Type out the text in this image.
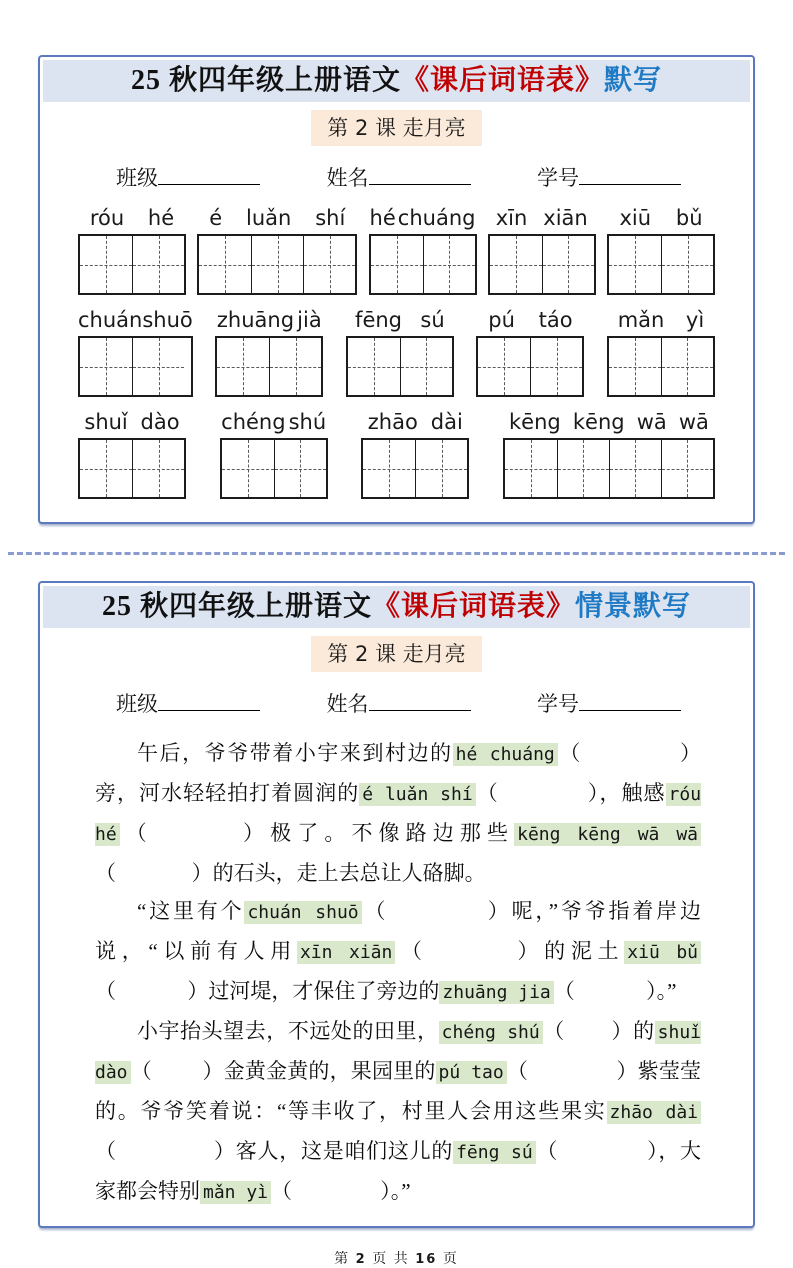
25 秋四年级上册语文《课后词语表》默写
第 2 课 走月亮
班级	姓名	学号
róu hé é luǎn shí hé chuáng xīn xiān xiū bǔ
chuán shuō zhuāng jià fēng sú pú táo mǎn yì
shuǐ dào chéng shú zhāo dài kēng kēng wā wā
25 秋四年级上册语文《课后词语表》情景默写
第 2 课 走月亮
班级	姓名	学号

午后，爷爷带着小宇来到村边的 hé chuáng （	）旁，河水轻轻拍打着圆润的 é luǎn shí （	），触感 róu hé （	）极了。不像路边那些 kēng kēng wā wā（	）的石头，走上去总让人硌脚。

“这里有个 chuán shuō （	）呢，”爷爷指着岸边说，“以前有人用 xīn xiān （	）的泥土 xiū bǔ（	）过河堤，才保住了旁边的 zhuāng jia （	）。”

小宇抬头望去，不远处的田里， chéng shú （ ）的 shuǐ dào （ ）金黄金黄的，果园里的 pú tao （	）紫莹莹的。爷爷笑着说：“等丰收了，村里人会用这些果实 zhāo dài（	）客人，这是咱们这儿的 fēng sú （	），大家都会特别 mǎn yì （	）。”

第 2 页 共 16 页
